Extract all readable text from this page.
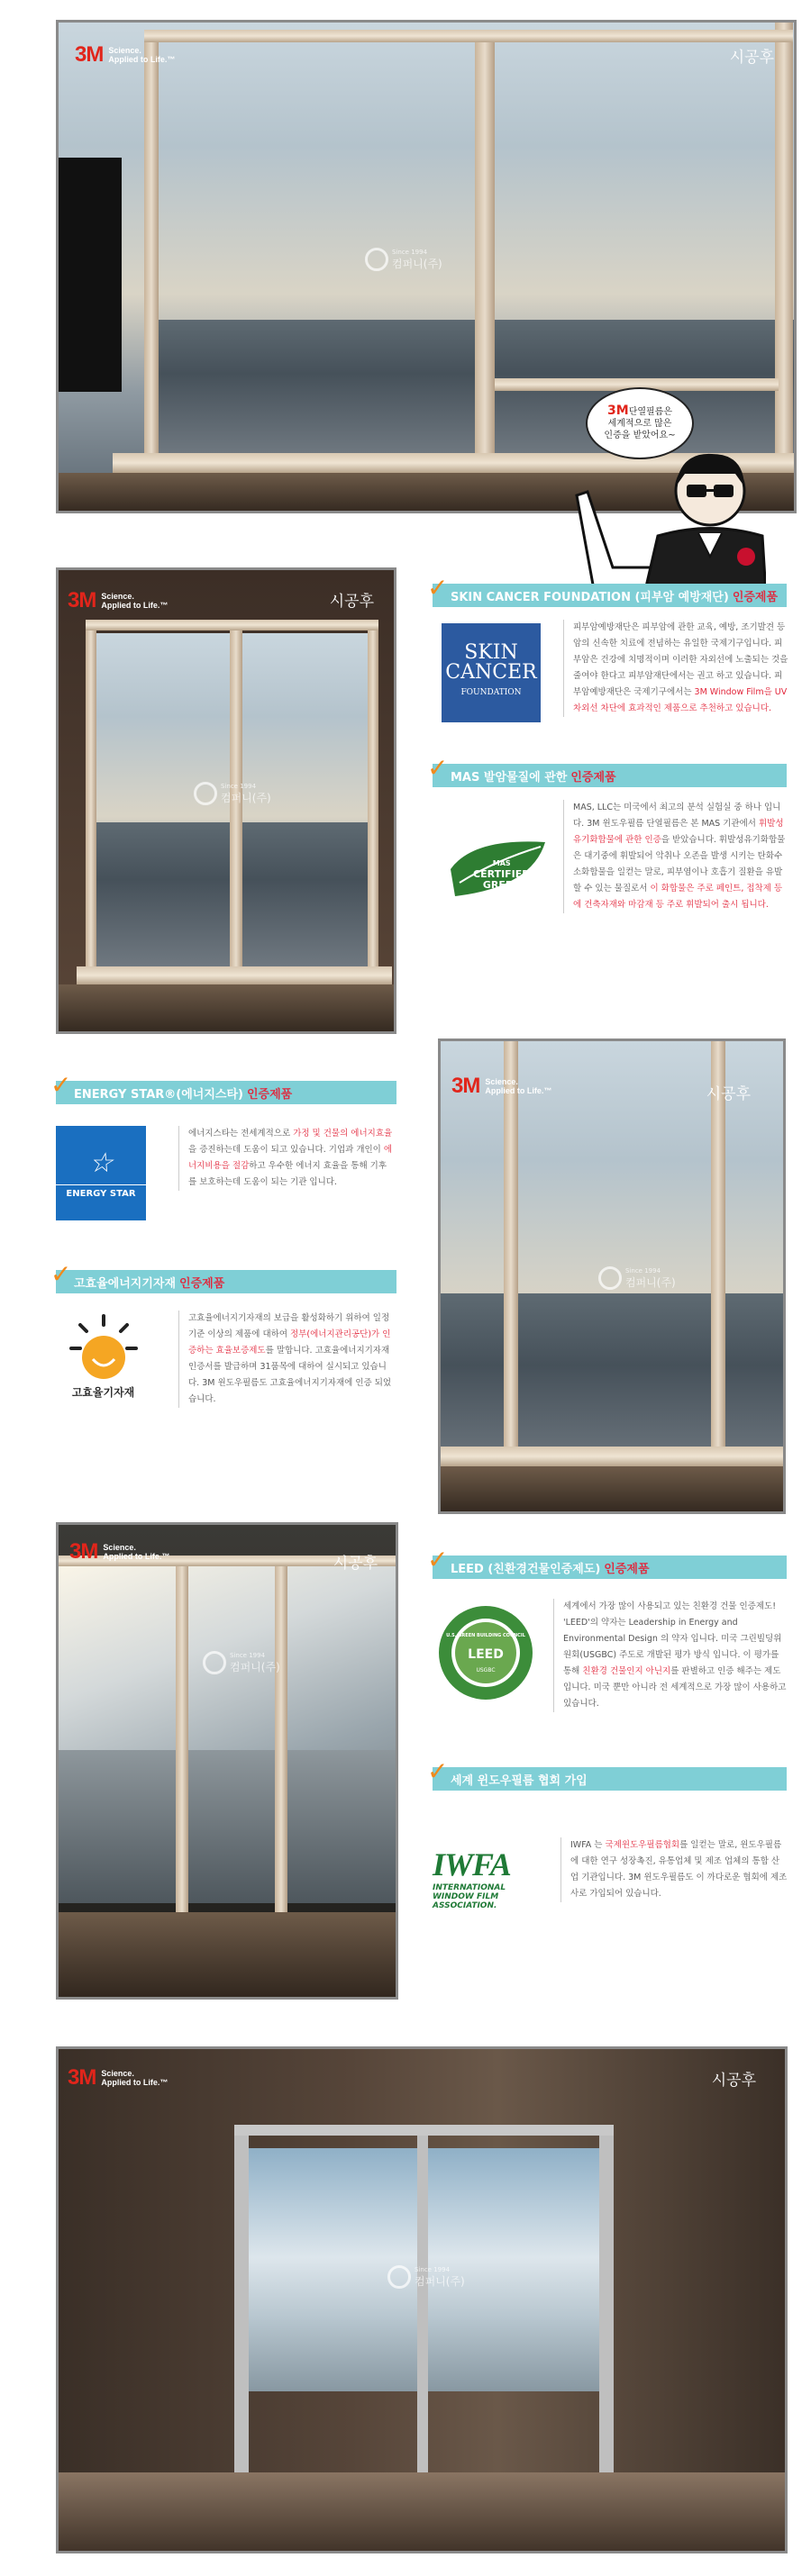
3M Science.
Applied to Life.™	시공후
Since 1994
컴퍼니(주)
3M단열필름은
세계적으로 많은
인증을 받았어요~
3M Science.
Applied to Life.™	시공후
Since 1994
컴퍼니(주)
✓ SKIN CANCER FOUNDATION (피부암 예방재단) 인증제품
SKIN
CANCER
FOUNDATION
피부암예방재단은 피부암에 관한 교육, 예방, 조기발견 등 암의 신속한 치료에 전념하는 유일한 국제기구입니다. 피부암은 건강에 치명적이며 이러한 자외선에 노출되는 것을 줄여야 한다고 피부암재단에서는 권고 하고 있습니다. 피부암예방재단은 국제기구에서는 3M Window Film을 UV 차외선 차단에 효과적인 제품으로 추천하고 있습니다.
✓ MAS 발암물질에 관한 인증제품
MAS
CERTIFIED
GREEN
MAS, LLC는 미국에서 최고의 분석 실험실 중 하나 입니다. 3M 윈도우필름 단열필름은 본 MAS 기관에서 휘발성유기화합물에 관한 인증을 받았습니다. 휘발성유기화합물은 대기중에 휘발되어 악취나 오존을 발생 시키는 탄화수소화합물을 일컫는 말로, 피부염이나 호흡기 질환을 유발 할 수 있는 물질로서 이 화합물은 주로 페인트, 접착제 등에 건축자재와 마감재 등 주로 휘발되어 출시 됩니다.
✓ ENERGY STAR®(에너지스타) 인증제품
☆
ENERGY STAR
에너지스타는 전세계적으로 가정 및 건물의 에너지효율을 증진하는데 도움이 되고 있습니다. 기업과 개인이 에너지비용을 절감하고 우수한 에너지 효율을 통해 기후를 보호하는데 도움이 되는 기관 입니다.
✓ 고효율에너지기자재 인증제품
고효율기자재
고효율에너지기자재의 보급을 활성화하기 위하여 일정기준 이상의 제품에 대하여 정부(에너지관리공단)가 인증하는 효율보증제도를 말합니다. 고효율에너지기자재 인증서를 발급하며 31품목에 대하여 실시되고 있습니다. 3M 윈도우필름도 고효율에너지기자재에 인증 되었습니다.
3M Science.
Applied to Life.™	시공후
Since 1994
컴퍼니(주)
3M Science.
Applied to Life.™	시공후
Since 1994
컴퍼니(주)
✓ LEED (친환경건물인증제도) 인증제품
U.S. GREEN BUILDING COUNCIL
LEED
USGBC
세계에서 가장 많이 사용되고 있는 친환경 건물 인증제도! 'LEED'의 약자는 Leadership in Energy and Environmental Design 의 약자 입니다. 미국 그린빌딩위원회(USGBC) 주도로 개발된 평가 방식 입니다. 이 평가를 통해 친환경 건물인지 아닌지를 판별하고 인증 해주는 제도 입니다. 미국 뿐만 아니라 전 세계적으로 가장 많이 사용하고 있습니다.
✓ 세계 윈도우필름 협회 가입
IWFA
INTERNATIONAL
WINDOW FILM
ASSOCIATION.
IWFA 는 국제윈도우필름협회를 일컫는 말로, 윈도우필름에 대한 연구 성장촉진, 유통업체 및 제조 업체의 통합 산업 기관입니다. 3M 윈도우필름도 이 까다로운 협회에 제조사로 가입되어 있습니다.
3M Science.
Applied to Life.™	시공후
Since 1994
컴퍼니(주)
